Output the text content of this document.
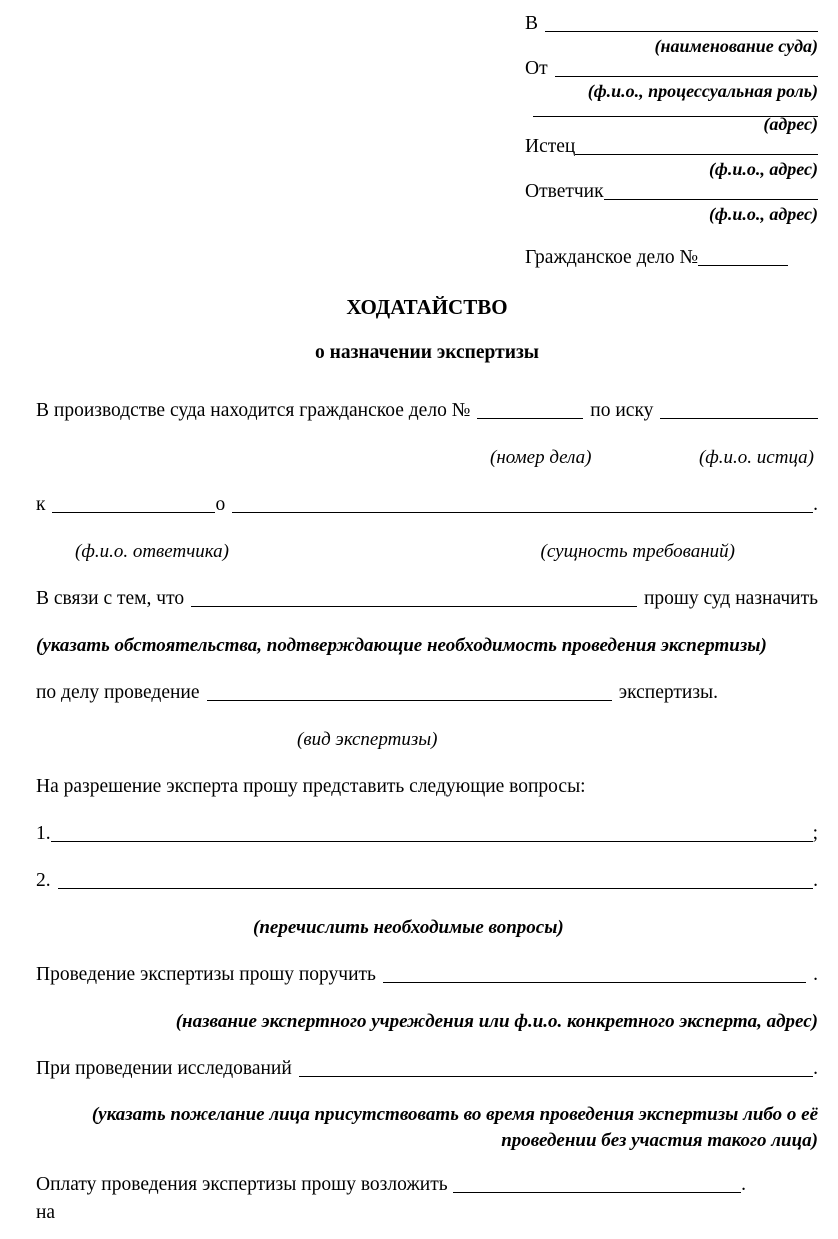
В
(наименование суда)
От
(ф.и.о., процессуальная роль)
(адрес)
Истец
(ф.и.о., адрес)
Ответчик
(ф.и.о., адрес)
Гражданское дело №
ХОДАТАЙСТВО
о назначении экспертизы
В производстве суда находится гражданское дело №	по иску
(номер дела)	(ф.и.о. истца)
к	о	.
(ф.и.о. ответчика)	(сущность требований)
В связи с тем, что	прошу суд назначить
(указать обстоятельства, подтверждающие необходимость проведения экспертизы)
по делу проведение	экспертизы.
(вид экспертизы)
На разрешение эксперта прошу представить следующие вопросы:
1.	;
2.	.
(перечислить необходимые вопросы)
Проведение экспертизы прошу поручить	.
(название экспертного учреждения или ф.и.о. конкретного эксперта, адрес)
При проведении исследований	.
(указать пожелание лица присутствовать во время проведения экспертизы либо о её проведении без участия такого лица)
Оплату проведения экспертизы прошу возложить на
.
